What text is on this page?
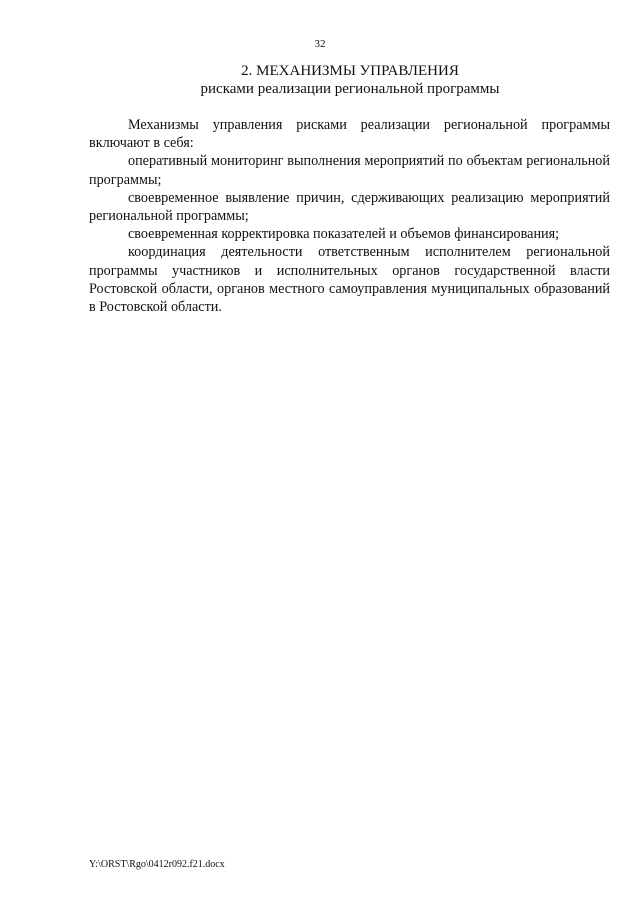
32
2. МЕХАНИЗМЫ УПРАВЛЕНИЯ
рисками реализации региональной программы

Механизмы управления рисками реализации региональной программы включают в себя:

оперативный мониторинг выполнения мероприятий по объектам региональной программы;

своевременное выявление причин, сдерживающих реализацию мероприятий региональной программы;

своевременная корректировка показателей и объемов финансирования;

координация деятельности ответственным исполнителем региональной программы участников и исполнительных органов государственной власти Ростовской области, органов местного самоуправления муниципальных образований в Ростовской области.

Y:\ORST\Rgo\0412r092.f21.docx
